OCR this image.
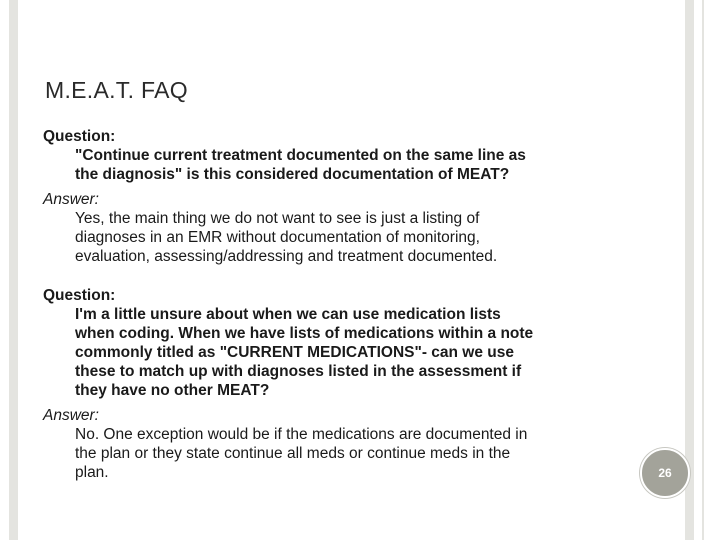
M.E.A.T. FAQ
Question:
"Continue current treatment documented on the same line as
the diagnosis" is this considered documentation of MEAT?
Answer:
Yes, the main thing we do not want to see is just a listing of
diagnoses in an EMR without documentation of monitoring,
evaluation, assessing/addressing and treatment documented.
Question:
I'm a little unsure about when we can use medication lists
when coding. When we have lists of medications within a note
commonly titled as "CURRENT MEDICATIONS"- can we use
these to match up with diagnoses listed in the assessment if
they have no other MEAT?
Answer:
No. One exception would be if the medications are documented in
the plan or they state continue all meds or continue meds in the
plan.	26
